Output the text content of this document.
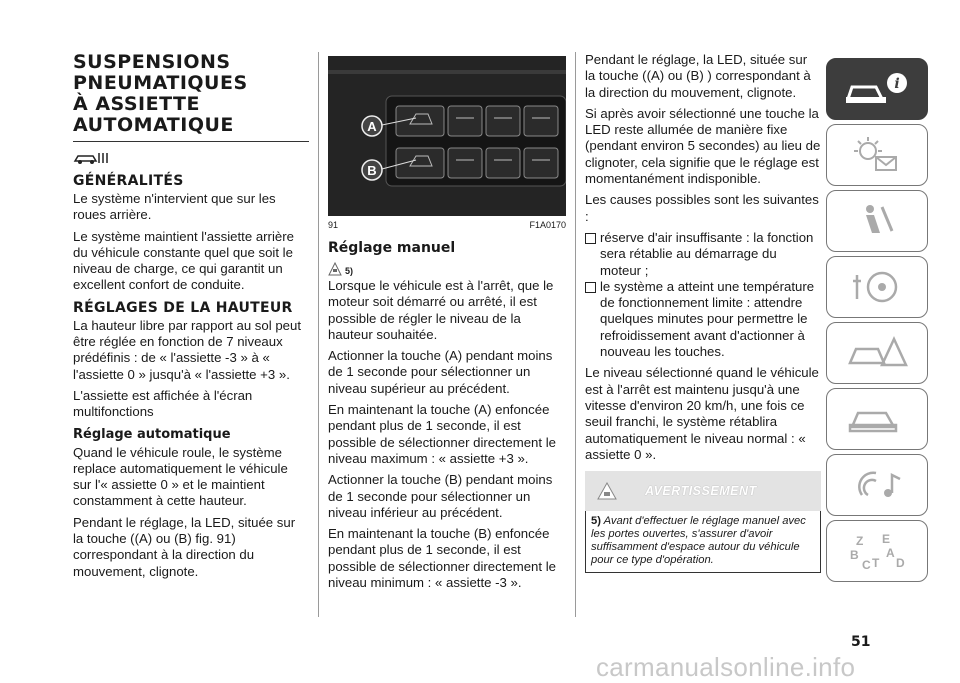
SUSPENSIONS
PNEUMATIQUES
À ASSIETTE
AUTOMATIQUE
GÉNÉRALITÉS

Le système n'intervient que sur les roues arrière.

Le système maintient l'assiette arrière du véhicule constante quel que soit le niveau de charge, ce qui garantit un excellent confort de conduite.

RÉGLAGES DE LA HAUTEUR

La hauteur libre par rapport au sol peut être réglée en fonction de 7 niveaux prédéfinis : de « l'assiette -3 » à « l'assiette 0 » jusqu'à « l'assiette +3 ».

L'assiette est affichée à l'écran multifonctions

Réglage automatique

Quand le véhicule roule, le système replace automatiquement le véhicule sur l'« assiette 0 » et le maintient constamment à cette hauteur.

Pendant le réglage, la LED, située sur la touche ((A) ou (B) fig. 91) correspondant à la direction du mouvement, clignote.

A
B
91	F1A0170
Réglage manuel
5)

Lorsque le véhicule est à l'arrêt, que le moteur soit démarré ou arrêté, il est possible de régler le niveau de la hauteur souhaitée.

Actionner la touche (A) pendant moins de 1 seconde pour sélectionner un niveau supérieur au précédent.

En maintenant la touche (A) enfoncée pendant plus de 1 seconde, il est possible de sélectionner directement le niveau maximum : « assiette +3 ».

Actionner la touche (B) pendant moins de 1 seconde pour sélectionner un niveau inférieur au précédent.

En maintenant la touche (B) enfoncée pendant plus de 1 seconde, il est possible de sélectionner directement le niveau minimum : « assiette -3 ».

Pendant le réglage, la LED, située sur la touche ((A) ou (B) ) correspondant à la direction du mouvement, clignote.

Si après avoir sélectionné une touche la LED reste allumée de manière fixe (pendant environ 5 secondes) au lieu de clignoter, cela signifie que le réglage est momentanément indisponible.

Les causes possibles sont les suivantes :

réserve d'air insuffisante : la fonction sera rétablie au démarrage du moteur ;
le système a atteint une température de fonctionnement limite : attendre quelques minutes pour permettre le refroidissement avant d'actionner à nouveau les touches.

Le niveau sélectionné quand le véhicule est à l'arrêt est maintenu jusqu'à une vitesse d'environ 20 km/h, une fois ce seuil franchi, le système rétablira automatiquement le niveau normal : « assiette 0 ».

AVERTISSEMENT
5) Avant d'effectuer le réglage manuel avec les portes ouvertes, s'assurer d'avoir suffisamment d'espace autour du véhicule pour ce type d'opération.
i
Z E
B A
C T D
51
carmanualsonline.info
